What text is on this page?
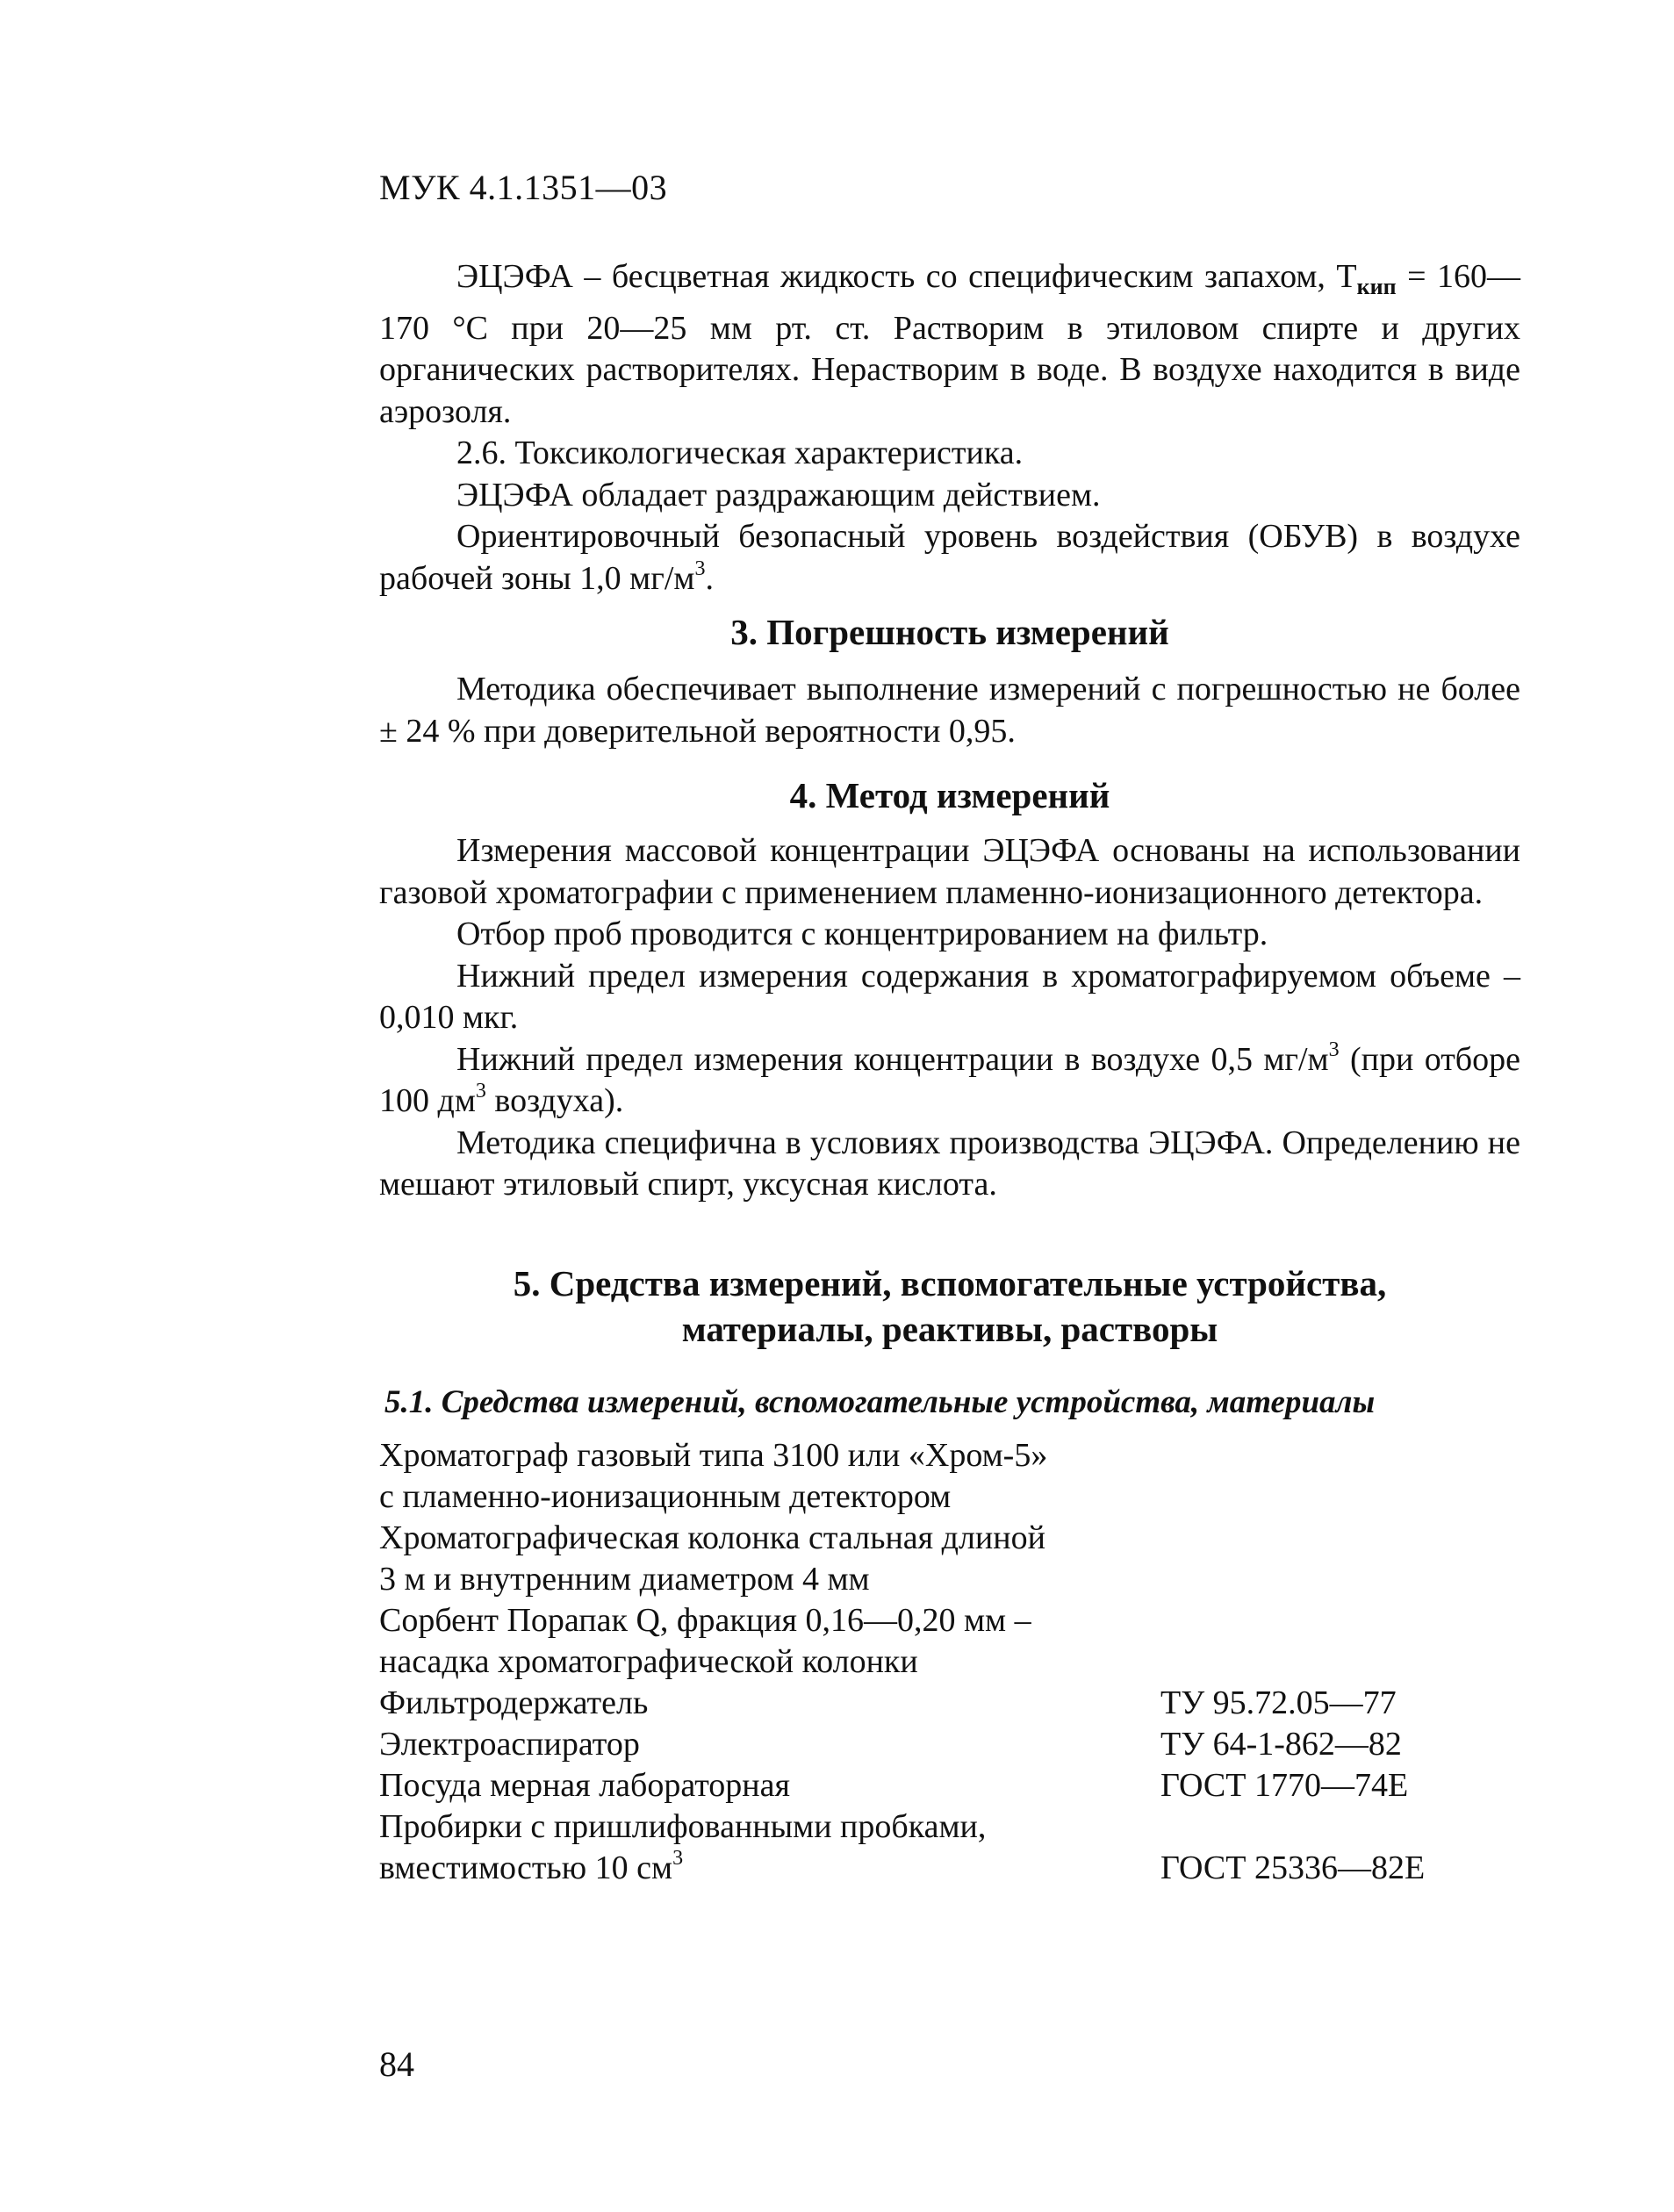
МУК 4.1.1351—03

ЭЦЭФА – бесцветная жидкость со специфическим запахом, $Т_{кип}$ = 160—170 °С при 20—25 мм рт. ст. Растворим в этиловом спирте и других органических растворителях. Нерастворим в воде. В воздухе находится в виде аэрозоля.

2.6. Токсикологическая характеристика.

ЭЦЭФА обладает раздражающим действием.

Ориентировочный безопасный уровень воздействия (ОБУВ) в воздухе рабочей зоны 1,0 $мг/м^3$.

3. Погрешность измерений

Методика обеспечивает выполнение измерений с погрешностью не более ± 24 % при доверительной вероятности 0,95.

4. Метод измерений

Измерения массовой концентрации ЭЦЭФА основаны на использовании газовой хроматографии с применением пламенно-ионизационного детектора.

Отбор проб проводится с концентрированием на фильтр.

Нижний предел измерения содержания в хроматографируемом объеме – 0,010 мкг.

Нижний предел измерения концентрации в воздухе 0,5 $мг/м^3$ (при отборе 100 $дм^3$ воздуха).

Методика специфична в условиях производства ЭЦЭФА. Определению не мешают этиловый спирт, уксусная кислота.

5. Средства измерений, вспомогательные устройства,
материалы, реактивы, растворы
5.1. Средства измерений, вспомогательные устройства, материалы
Хроматограф газовый типа 3100 или «Хром-5»
с пламенно-ионизационным детектором
Хроматографическая колонка стальная длиной
3 м и внутренним диаметром 4 мм
Сорбент Порапак Q, фракция 0,16—0,20 мм –
насадка хроматографической колонки
Фильтродержатель	ТУ 95.72.05—77
Электроаспиратор	ТУ 64-1-862—82
Посуда мерная лабораторная	ГОСТ 1770—74Е
Пробирки с пришлифованными пробками,
вместимостью 10 $см^3$	ГОСТ 25336—82Е
84
